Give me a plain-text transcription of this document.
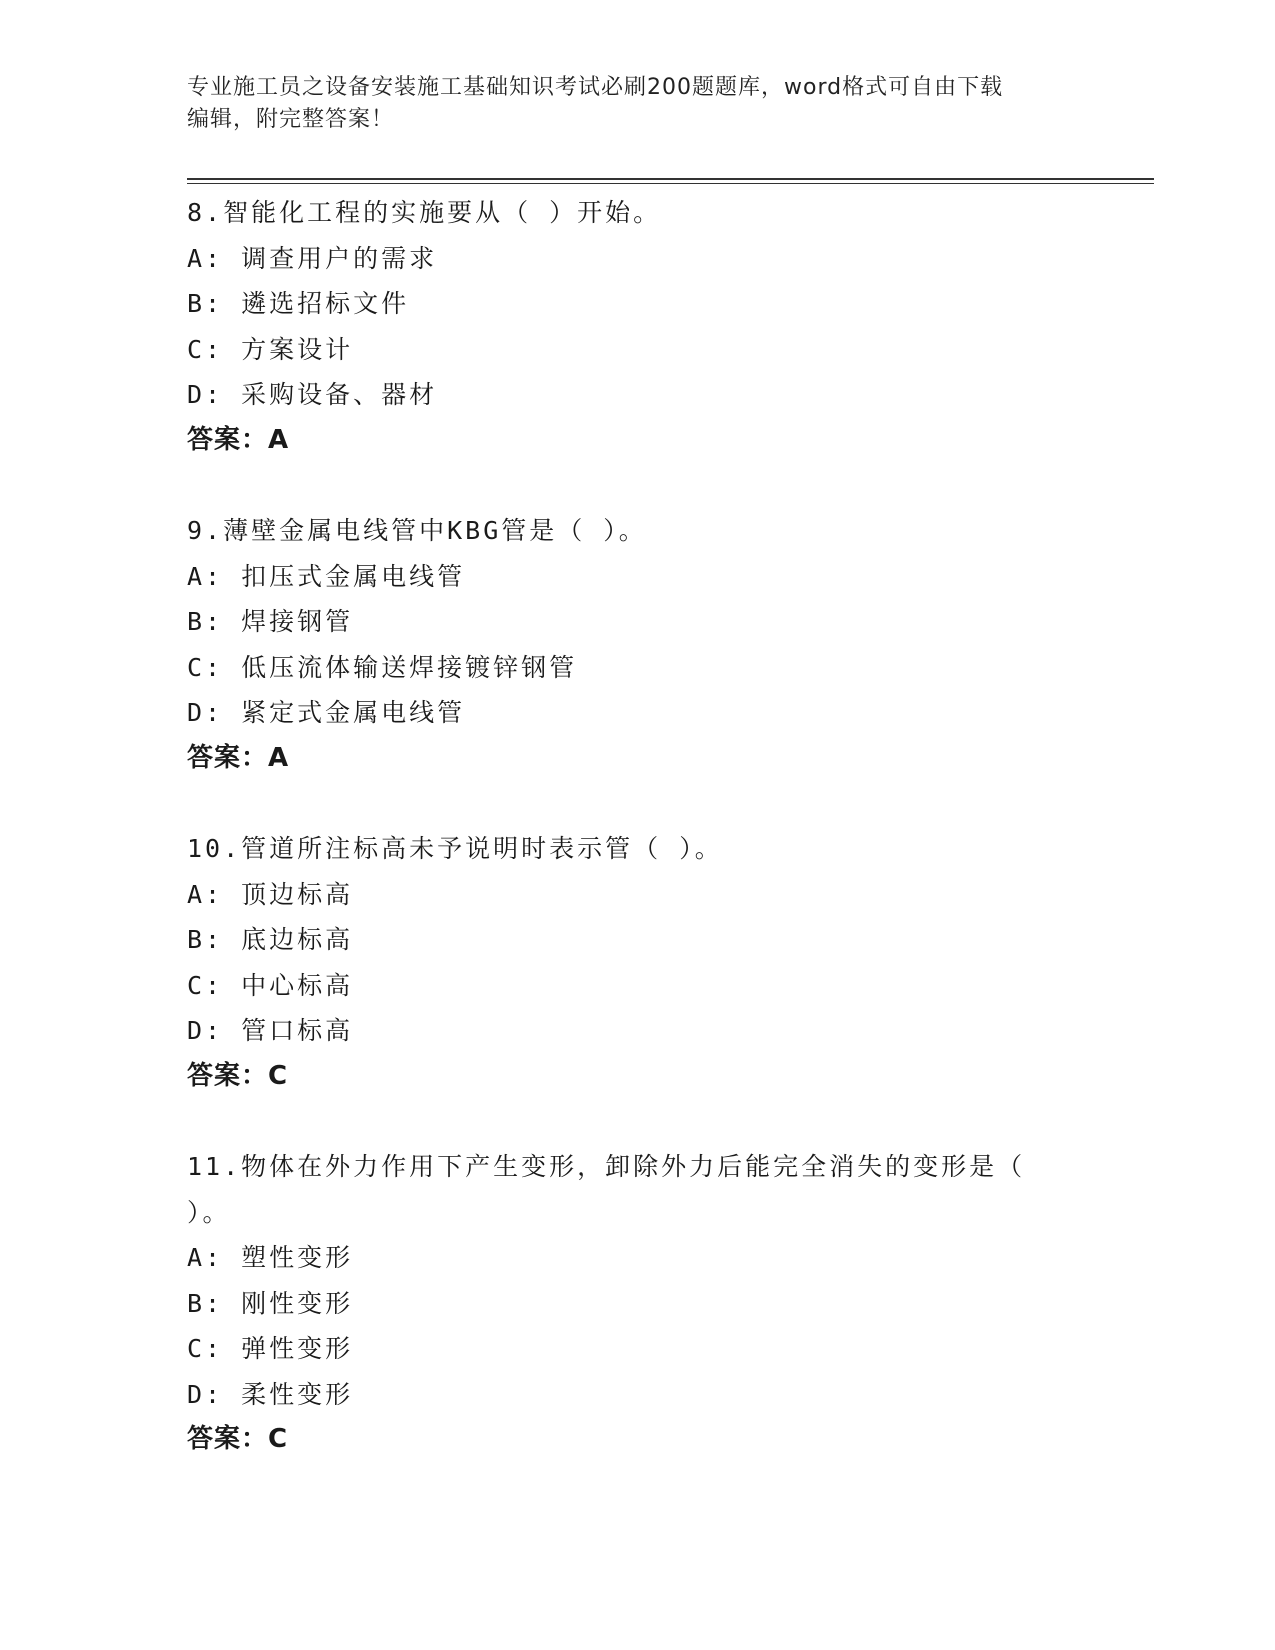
专业施工员之设备安装施工基础知识考试必刷200题题库，word格式可自由下载
编辑，附完整答案！
8.智能化工程的实施要从（ ）开始。
A: 调查用户的需求
B: 遴选招标文件
C: 方案设计
D: 采购设备、器材
答案：A
9.薄壁金属电线管中KBG管是（ ）。
A: 扣压式金属电线管
B: 焊接钢管
C: 低压流体输送焊接镀锌钢管
D: 紧定式金属电线管
答案：A
10.管道所注标高未予说明时表示管（ ）。
A: 顶边标高
B: 底边标高
C: 中心标高
D: 管口标高
答案：C
11.物体在外力作用下产生变形，卸除外力后能完全消失的变形是（
）。
A: 塑性变形
B: 刚性变形
C: 弹性变形
D: 柔性变形
答案：C
